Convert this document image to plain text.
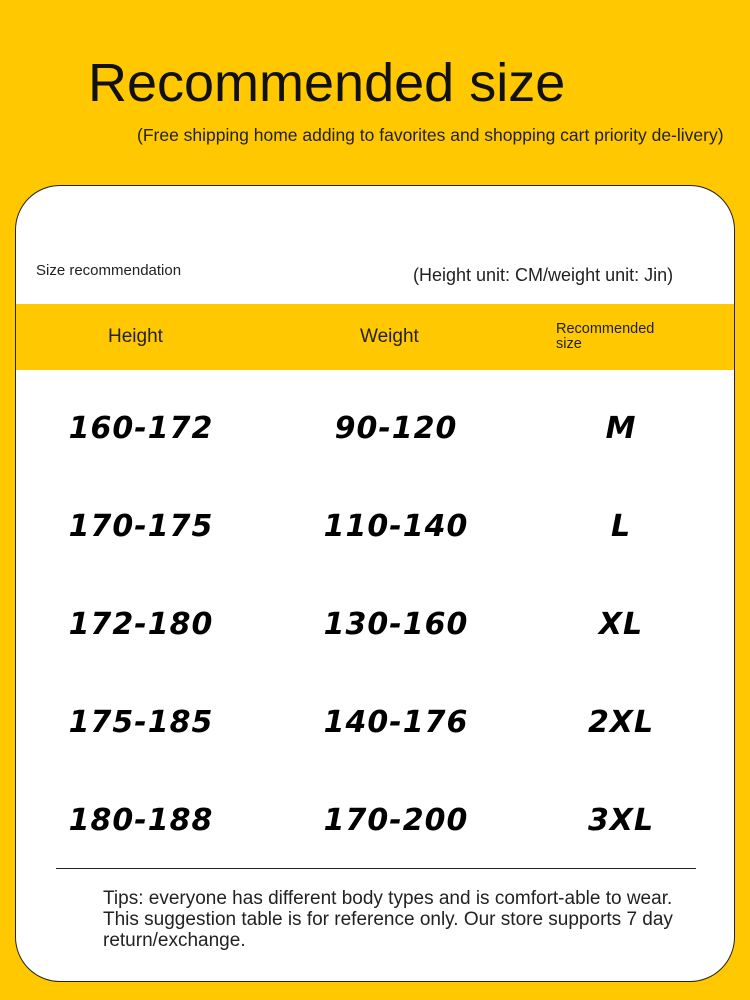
Recommended size
(Free shipping home adding to favorites and shopping cart priority de-livery)
Size recommendation	(Height unit: CM/weight unit: Jin)
Height	Weight	Recommended size
160-172	90-120	M
170-175	110-140	L
172-180	130-160	XL
175-185	140-176	2XL
180-188	170-200	3XL
Tips: everyone has different body types and is comfort-able to wear. This suggestion table is for reference only. Our store supports 7 day return/exchange.
